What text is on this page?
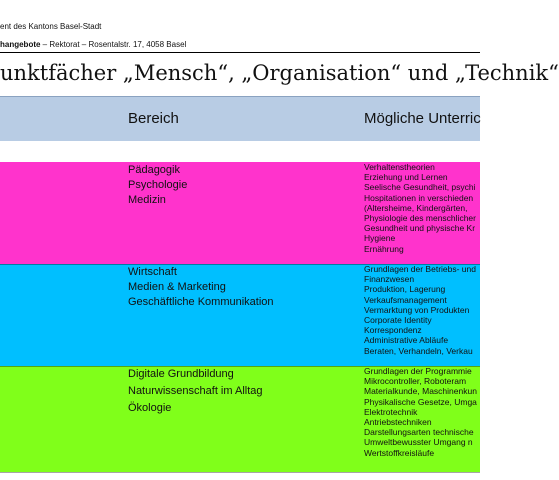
ent des Kantons Basel-Stadt
hangebote – Rektorat – Rosentalstr. 17, 4058 Basel
unktfächer „Mensch“, „Organisation“ und „Technik“
Bereich	Mögliche Unterric
Pädagogik
Psychologie
Medizin
Verhaltenstheorien
Erziehung und Lernen
Seelische Gesundheit, psychi
Hospitationen in verschieden
(Altersheime, Kindergärten,
Physiologie des menschlicher
Gesundheit und physische Kr
Hygiene
Ernährung
Wirtschaft
Medien & Marketing
Geschäftliche Kommunikation
Grundlagen der Betriebs- und
Finanzwesen
Produktion, Lagerung
Verkaufsmanagement
Vermarktung von Produkten
Corporate Identity
Korrespondenz
Administrative Abläufe
Beraten, Verhandeln, Verkau
Digitale Grundbildung
Naturwissenschaft im Alltag
Ökologie
Grundlagen der Programmie
Mikrocontroller, Roboteram
Materialkunde, Maschinenkun
Physikalische Gesetze, Umga
Elektrotechnik
Antriebstechniken
Darstellungsarten technische
Umweltbewusster Umgang n
Wertstoffkreisläufe
